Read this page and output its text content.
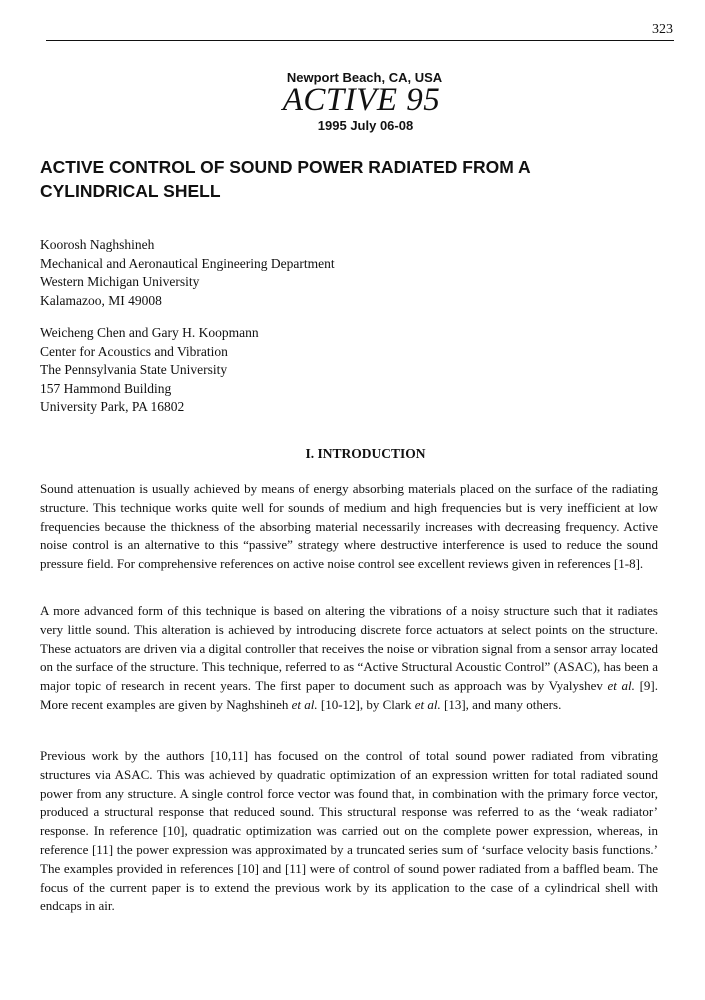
323
Newport Beach, CA, USA
ACTIVE 95
1995 July 06-08
ACTIVE CONTROL OF SOUND POWER RADIATED FROM A
CYLINDRICAL SHELL
Koorosh Naghshineh
Mechanical and Aeronautical Engineering Department
Western Michigan University
Kalamazoo, MI 49008
Weicheng Chen and Gary H. Koopmann
Center for Acoustics and Vibration
The Pennsylvania State University
157 Hammond Building
University Park, PA 16802
I. INTRODUCTION
Sound attenuation is usually achieved by means of energy absorbing materials placed on the surface of the radiating structure. This technique works quite well for sounds of medium and high frequencies but is very inefficient at low frequencies because the thickness of the absorbing material necessarily increases with decreasing frequency. Active noise control is an alternative to this “passive” strategy where destructive interference is used to reduce the sound pressure field. For comprehensive references on active noise control see excellent reviews given in references [1-8].
A more advanced form of this technique is based on altering the vibrations of a noisy structure such that it radiates very little sound. This alteration is achieved by introducing discrete force actuators at select points on the structure. These actuators are driven via a digital controller that receives the noise or vibration signal from a sensor array located on the surface of the structure. This technique, referred to as “Active Structural Acoustic Control” (ASAC), has been a major topic of research in recent years. The first paper to document such as approach was by Vyalyshev et al. [9]. More recent examples are given by Naghshineh et al. [10-12], by Clark et al. [13], and many others.
Previous work by the authors [10,11] has focused on the control of total sound power radiated from vibrating structures via ASAC. This was achieved by quadratic optimization of an expression written for total radiated sound power from any structure. A single control force vector was found that, in combination with the primary force vector, produced a structural response that reduced sound. This structural response was referred to as the ‘weak radiator’ response. In reference [10], quadratic optimization was carried out on the complete power expression, whereas, in reference [11] the power expression was approximated by a truncated series sum of ‘surface velocity basis functions.’ The examples provided in references [10] and [11] were of control of sound power radiated from a baffled beam. The focus of the current paper is to extend the previous work by its application to the case of a cylindrical shell with endcaps in air.
